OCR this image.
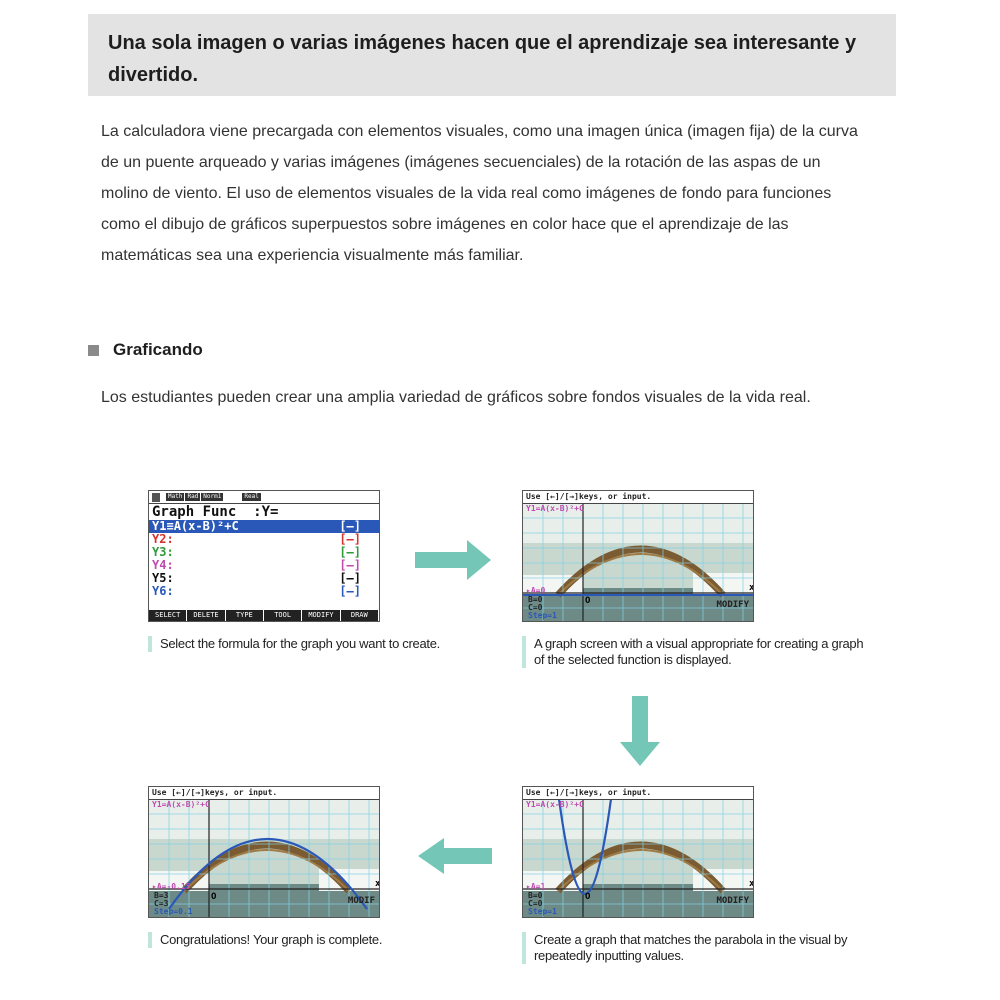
Una sola imagen o varias imágenes hacen que el aprendizaje sea interesante y divertido.

La calculadora viene precargada con elementos visuales, como una imagen única (imagen fija) de la curva de un puente arqueado y varias imágenes (imágenes secuenciales) de la rotación de las aspas de un molino de viento. El uso de elementos visuales de la vida real como imágenes de fondo para funciones como el dibujo de gráficos superpuestos sobre imágenes en color hace que el aprendizaje de las matemáticas sea una experiencia visualmente más familiar.

Graficando

Los estudiantes pueden crear una amplia variedad de gráficos sobre fondos visuales de la vida real.

Math Rad Norm1	Real
Graph Func  :Y=
Y1≡A(x-B)²+C	[—]
Y2:	[—]
Y3:	[—]
Y4:	[—]
Y5:	[—]
Y6:	[—]
SELECT	DELETE	TYPE	TOOL	MODIFY	DRAW
Use [←]/[→]keys, or input.
x
O
Y1=A(x-B)²+C
▸A=0
B=0
C=0
Step=1
MODIFY
Use [←]/[→]keys, or input.
x
O
Y1=A(x-B)²+C
▸A=-0.15
B=3
C=3
Step=0.1
MODIF
Use [←]/[→]keys, or input.
x
O
Y1=A(x-B)²+C
▸A=1
B=0
C=0
Step=1
MODIFY
Select the formula for the graph you want to create.	A graph screen with a visual appropriate for creating a graph of the selected function is displayed.
Congratulations! Your graph is complete.	Create a graph that matches the parabola in the visual by repeatedly inputting values.
